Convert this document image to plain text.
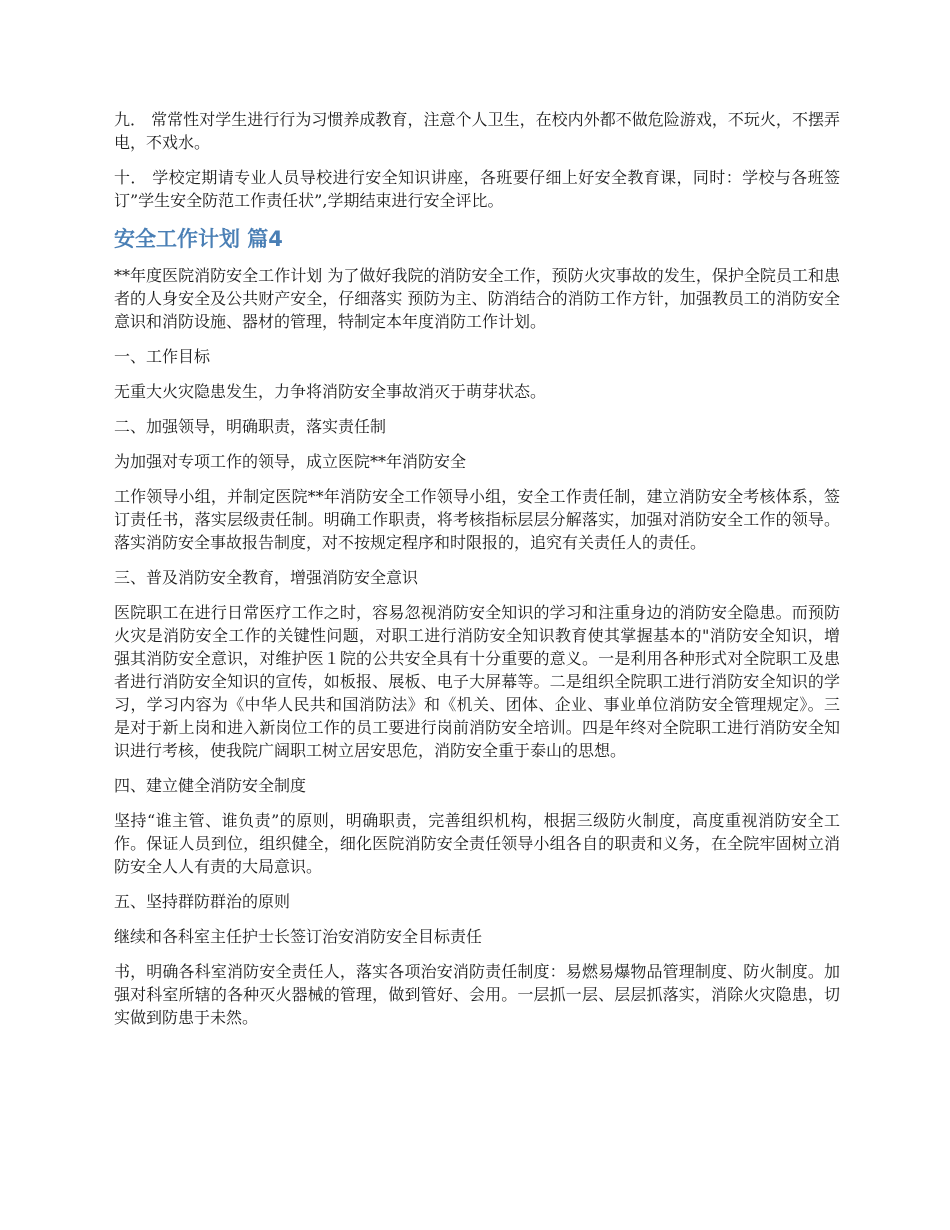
九． 常常性对学生进行行为习惯养成教育，注意个人卫生，在校内外都不做危险游戏，不玩火，不摆弄电，不戏水。

十． 学校定期请专业人员导校进行安全知识讲座，各班要仔细上好安全教育课，同时：学校与各班签订”学生安全防范工作责任状”,学期结束进行安全评比。

安全工作计划 篇4

**年度医院消防安全工作计划 为了做好我院的消防安全工作，预防火灾事故的发生，保护全院员工和患者的人身安全及公共财产安全，仔细落实 预防为主、防消结合的消防工作方针，加强教员工的消防安全意识和消防设施、器材的管理，特制定本年度消防工作计划。

一、工作目标

无重大火灾隐患发生，力争将消防安全事故消灭于萌芽状态。

二、加强领导，明确职责，落实责任制

为加强对专项工作的领导，成立医院**年消防安全

工作领导小组，并制定医院**年消防安全工作领导小组，安全工作责任制，建立消防安全考核体系，签订责任书，落实层级责任制。明确工作职责，将考核指标层层分解落实，加强对消防安全工作的领导。落实消防安全事故报告制度，对不按规定程序和时限报的，追究有关责任人的责任。

三、普及消防安全教育，增强消防安全意识

医院职工在进行日常医疗工作之时，容易忽视消防安全知识的学习和注重身边的消防安全隐患。而预防火灾是消防安全工作的关键性问题，对职工进行消防安全知识教育使其掌握基本的"消防安全知识，增强其消防安全意识，对维护医１院的公共安全具有十分重要的意义。一是利用各种形式对全院职工及患者进行消防安全知识的宣传，如板报、展板、电子大屏幕等。二是组织全院职工进行消防安全知识的学习，学习内容为《中华人民共和国消防法》和《机关、团体、企业、事业单位消防安全管理规定》。三是对于新上岗和进入新岗位工作的员工要进行岗前消防安全培训。四是年终对全院职工进行消防安全知识进行考核，使我院广阔职工树立居安思危，消防安全重于泰山的思想。

四、建立健全消防安全制度

坚持“谁主管、谁负责”的原则，明确职责，完善组织机构，根据三级防火制度，高度重视消防安全工作。保证人员到位，组织健全，细化医院消防安全责任领导小组各自的职责和义务，在全院牢固树立消防安全人人有责的大局意识。

五、坚持群防群治的原则

继续和各科室主任护士长签订治安消防安全目标责任

书，明确各科室消防安全责任人，落实各项治安消防责任制度：易燃易爆物品管理制度、防火制度。加强对科室所辖的各种灭火器械的管理，做到管好、会用。一层抓一层、层层抓落实，消除火灾隐患，切实做到防患于未然。
